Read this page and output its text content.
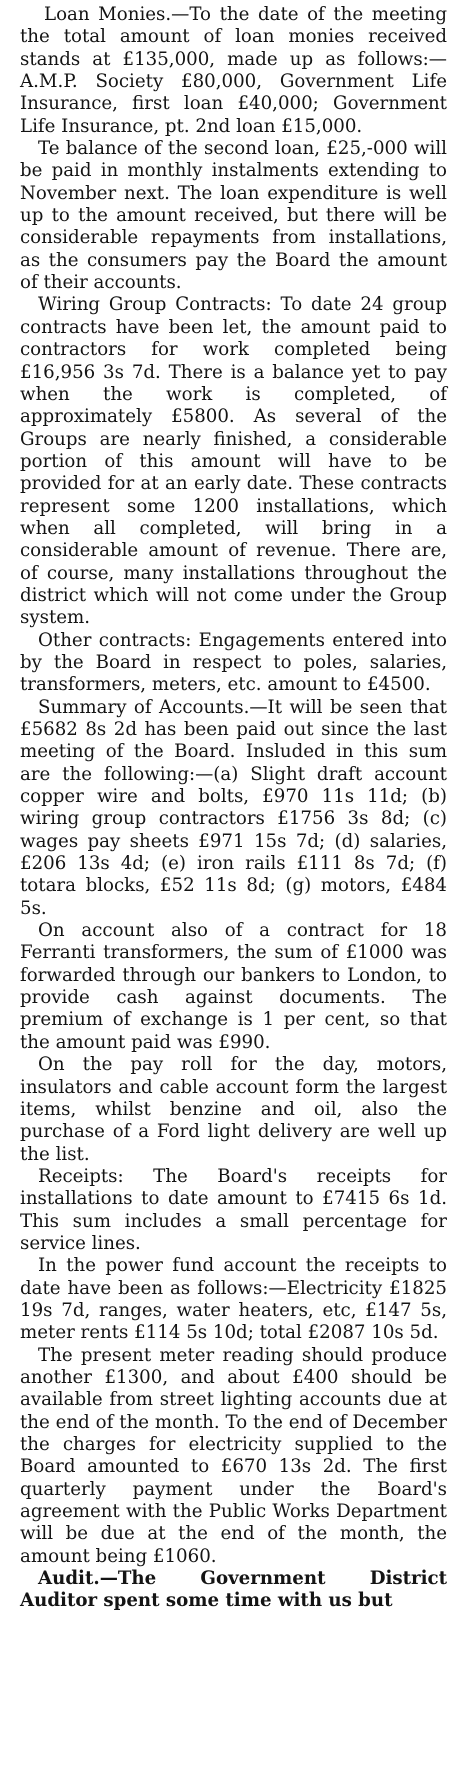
Loan Monies.—To the date of the meeting the total amount of loan monies received stands at £135,000, made up as follows:—A.M.P. Society £80,000, Government Life Insurance, first loan £40,000; Government Life Insurance, pt. 2nd loan £15,000.

Te balance of the second loan, £25,-000 will be paid in monthly instalments extending to November next. The loan expenditure is well up to the amount received, but there will be considerable repayments from installations, as the consumers pay the Board the amount of their accounts.

Wiring Group Contracts: To date 24 group contracts have been let, the amount paid to contractors for work completed being £16,956 3s 7d. There is a balance yet to pay when the work is completed, of approximately £5800. As several of the Groups are nearly finished, a considerable portion of this amount will have to be provided for at an early date. These contracts represent some 1200 installations, which when all completed, will bring in a considerable amount of revenue. There are, of course, many installations throughout the district which will not come under the Group system.

Other contracts: Engagements entered into by the Board in respect to poles, salaries, transformers, meters, etc. amount to £4500.

Summary of Accounts.—It will be seen that £5682 8s 2d has been paid out since the last meeting of the Board. Insluded in this sum are the following:—(a) Slight draft account copper wire and bolts, £970 11s 11d; (b) wiring group contractors £1756 3s 8d; (c) wages pay sheets £971 15s 7d; (d) salaries, £206 13s 4d; (e) iron rails £111 8s 7d; (f) totara blocks, £52 11s 8d; (g) motors, £484 5s.

On account also of a contract for 18 Ferranti transformers, the sum of £1000 was forwarded through our bankers to London, to provide cash against documents. The premium of exchange is 1 per cent, so that the amount paid was £990.

On the pay roll for the day, motors, insulators and cable account form the largest items, whilst benzine and oil, also the purchase of a Ford light delivery are well up the list.

Receipts: The Board's receipts for installations to date amount to £7415 6s 1d. This sum includes a small percentage for service lines.

In the power fund account the receipts to date have been as follows:—Electricity £1825 19s 7d, ranges, water heaters, etc, £147 5s, meter rents £114 5s 10d; total £2087 10s 5d.

The present meter reading should produce another £1300, and about £400 should be available from street lighting accounts due at the end of the month. To the end of December the charges for electricity supplied to the Board amounted to £670 13s 2d. The first quarterly payment under the Board's agreement with the Public Works Department will be due at the end of the month, the amount being £1060.

Audit.—The Government District Auditor spent some time with us but
